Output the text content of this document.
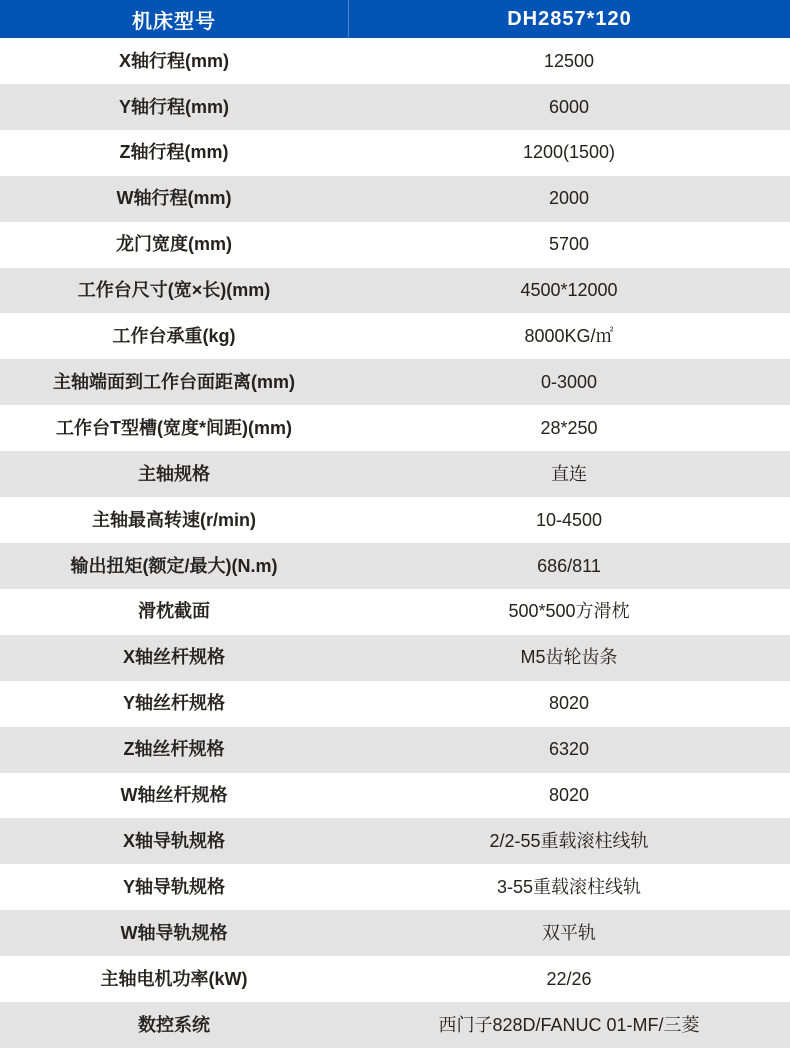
机床型号	DH2857*120
X轴行程(mm)	12500
Y轴行程(mm)	6000
Z轴行程(mm)	1200(1500)
W轴行程(mm)	2000
龙门宽度(mm)	5700
工作台尺寸(宽×长)(mm)	4500*12000
工作台承重(kg)	8000KG/㎡
主轴端面到工作台面距离(mm)	0-3000
工作台T型槽(宽度*间距)(mm)	28*250
主轴规格	直连
主轴最高转速(r/min)	10-4500
输出扭矩(额定/最大)(N.m)	686/811
滑枕截面	500*500方滑枕
X轴丝杆规格	M5齿轮齿条
Y轴丝杆规格	8020
Z轴丝杆规格	6320
W轴丝杆规格	8020
X轴导轨规格	2/2-55重载滚柱线轨
Y轴导轨规格	3-55重载滚柱线轨
W轴导轨规格	双平轨
主轴电机功率(kW)	22/26
数控系统	西门子828D/FANUC 01-MF/三菱
